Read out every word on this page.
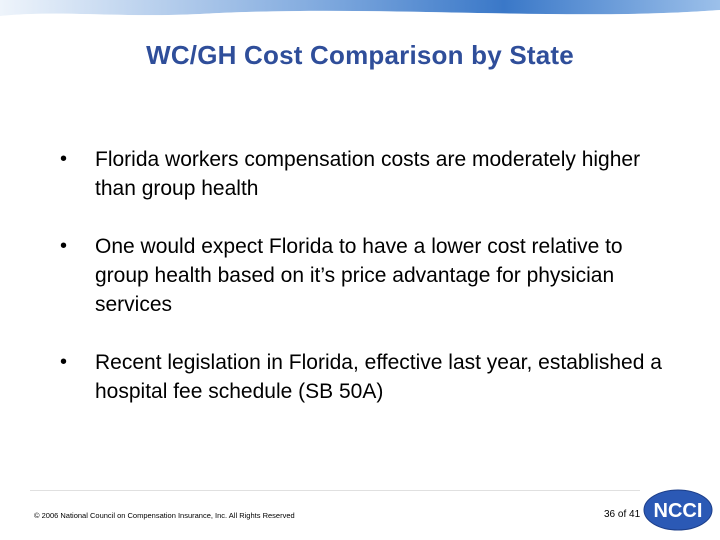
WC/GH Cost Comparison by State
• Florida workers compensation costs are moderately higher than group health
• One would expect Florida to have a lower cost relative to group health based on it’s price advantage for physician services
• Recent legislation in Florida, effective last year, established a hospital fee schedule (SB 50A)
© 2006 National Council on Compensation Insurance, Inc. All Rights Reserved	36 of 41 NCCI
